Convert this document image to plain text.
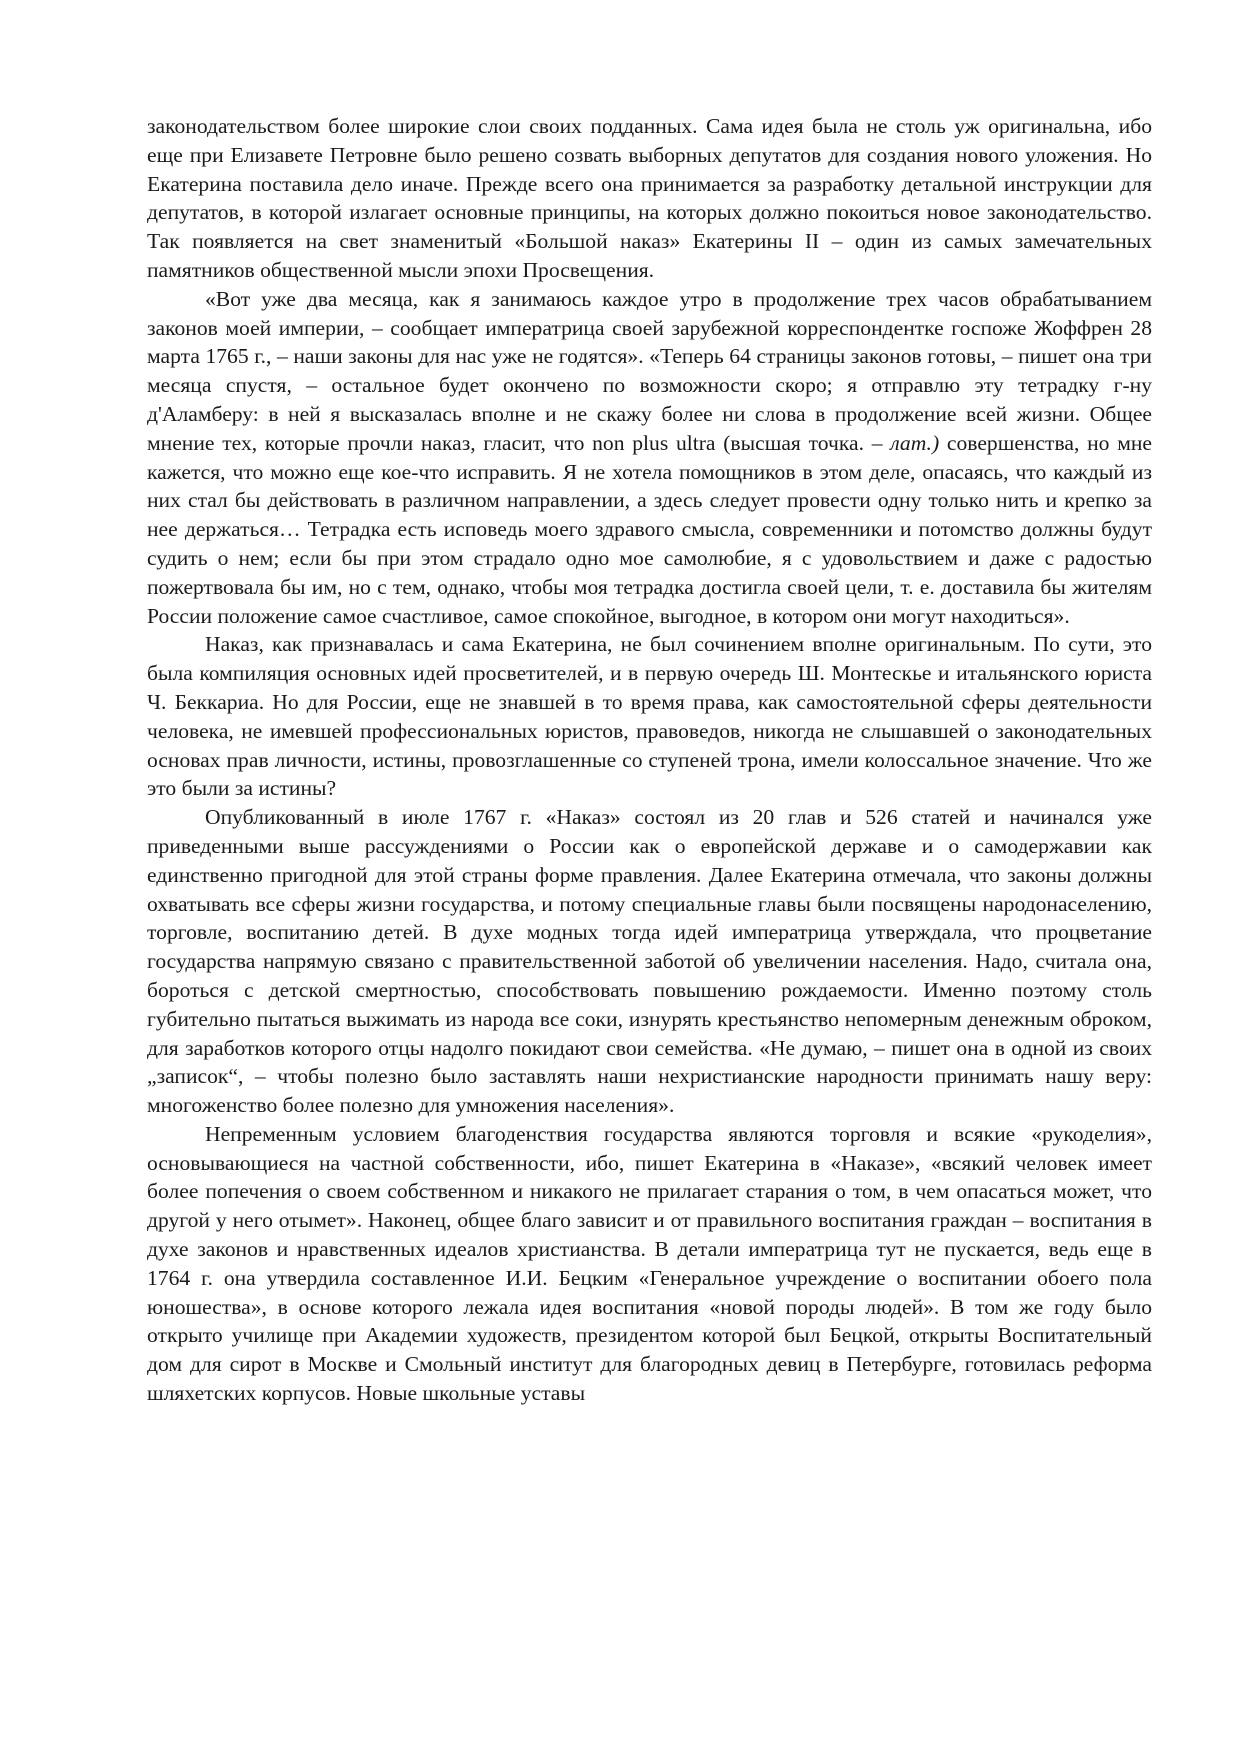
законодательством более широкие слои своих подданных. Сама идея была не столь уж оригинальна, ибо еще при Елизавете Петровне было решено созвать выборных депутатов для создания нового уложения. Но Екатерина поставила дело иначе. Прежде всего она принимается за разработку детальной инструкции для депутатов, в которой излагает основные принципы, на которых должно покоиться новое законодательство. Так появляется на свет знаменитый «Большой наказ» Екатерины II – один из самых замечательных памятников общественной мысли эпохи Просвещения.

«Вот уже два месяца, как я занимаюсь каждое утро в продолжение трех часов обрабатыванием законов моей империи, – сообщает императрица своей зарубежной корреспондентке госпоже Жоффрен 28 марта 1765 г., – наши законы для нас уже не годятся». «Теперь 64 страницы законов готовы, – пишет она три месяца спустя, – остальное будет окончено по возможности скоро; я отправлю эту тетрадку г-ну д'Аламберу: в ней я высказалась вполне и не скажу более ни слова в продолжение всей жизни. Общее мнение тех, которые прочли наказ, гласит, что non plus ultra (высшая точка. – лат.) совершенства, но мне кажется, что можно еще кое-что исправить. Я не хотела помощников в этом деле, опасаясь, что каждый из них стал бы действовать в различном направлении, а здесь следует провести одну только нить и крепко за нее держаться… Тетрадка есть исповедь моего здравого смысла, современники и потомство должны будут судить о нем; если бы при этом страдало одно мое самолюбие, я с удовольствием и даже с радостью пожертвовала бы им, но с тем, однако, чтобы моя тетрадка достигла своей цели, т. е. доставила бы жителям России положение самое счастливое, самое спокойное, выгодное, в котором они могут находиться».

Наказ, как признавалась и сама Екатерина, не был сочинением вполне оригинальным. По сути, это была компиляция основных идей просветителей, и в первую очередь Ш. Монтескье и итальянского юриста Ч. Беккариа. Но для России, еще не знавшей в то время права, как самостоятельной сферы деятельности человека, не имевшей профессиональных юристов, правоведов, никогда не слышавшей о законодательных основах прав личности, истины, провозглашенные со ступеней трона, имели колоссальное значение. Что же это были за истины?

Опубликованный в июле 1767 г. «Наказ» состоял из 20 глав и 526 статей и начинался уже приведенными выше рассуждениями о России как о европейской державе и о самодержавии как единственно пригодной для этой страны форме правления. Далее Екатерина отмечала, что законы должны охватывать все сферы жизни государства, и потому специальные главы были посвящены народонаселению, торговле, воспитанию детей. В духе модных тогда идей императрица утверждала, что процветание государства напрямую связано с правительственной заботой об увеличении населения. Надо, считала она, бороться с детской смертностью, способствовать повышению рождаемости. Именно поэтому столь губительно пытаться выжимать из народа все соки, изнурять крестьянство непомерным денежным оброком, для заработков которого отцы надолго покидают свои семейства. «Не думаю, – пишет она в одной из своих „записок“, – чтобы полезно было заставлять наши нехристианские народности принимать нашу веру: многоженство более полезно для умножения населения».

Непременным условием благоденствия государства являются торговля и всякие «рукоделия», основывающиеся на частной собственности, ибо, пишет Екатерина в «Наказе», «всякий человек имеет более попечения о своем собственном и никакого не прилагает старания о том, в чем опасаться может, что другой у него отымет». Наконец, общее благо зависит и от правильного воспитания граждан – воспитания в духе законов и нравственных идеалов христианства. В детали императрица тут не пускается, ведь еще в 1764 г. она утвердила составленное И.И. Бецким «Генеральное учреждение о воспитании обоего пола юношества», в основе которого лежала идея воспитания «новой породы людей». В том же году было открыто училище при Академии художеств, президентом которой был Бецкой, открыты Воспитательный дом для сирот в Москве и Смольный институт для благородных девиц в Петербурге, готовилась реформа шляхетских корпусов. Новые школьные уставы
